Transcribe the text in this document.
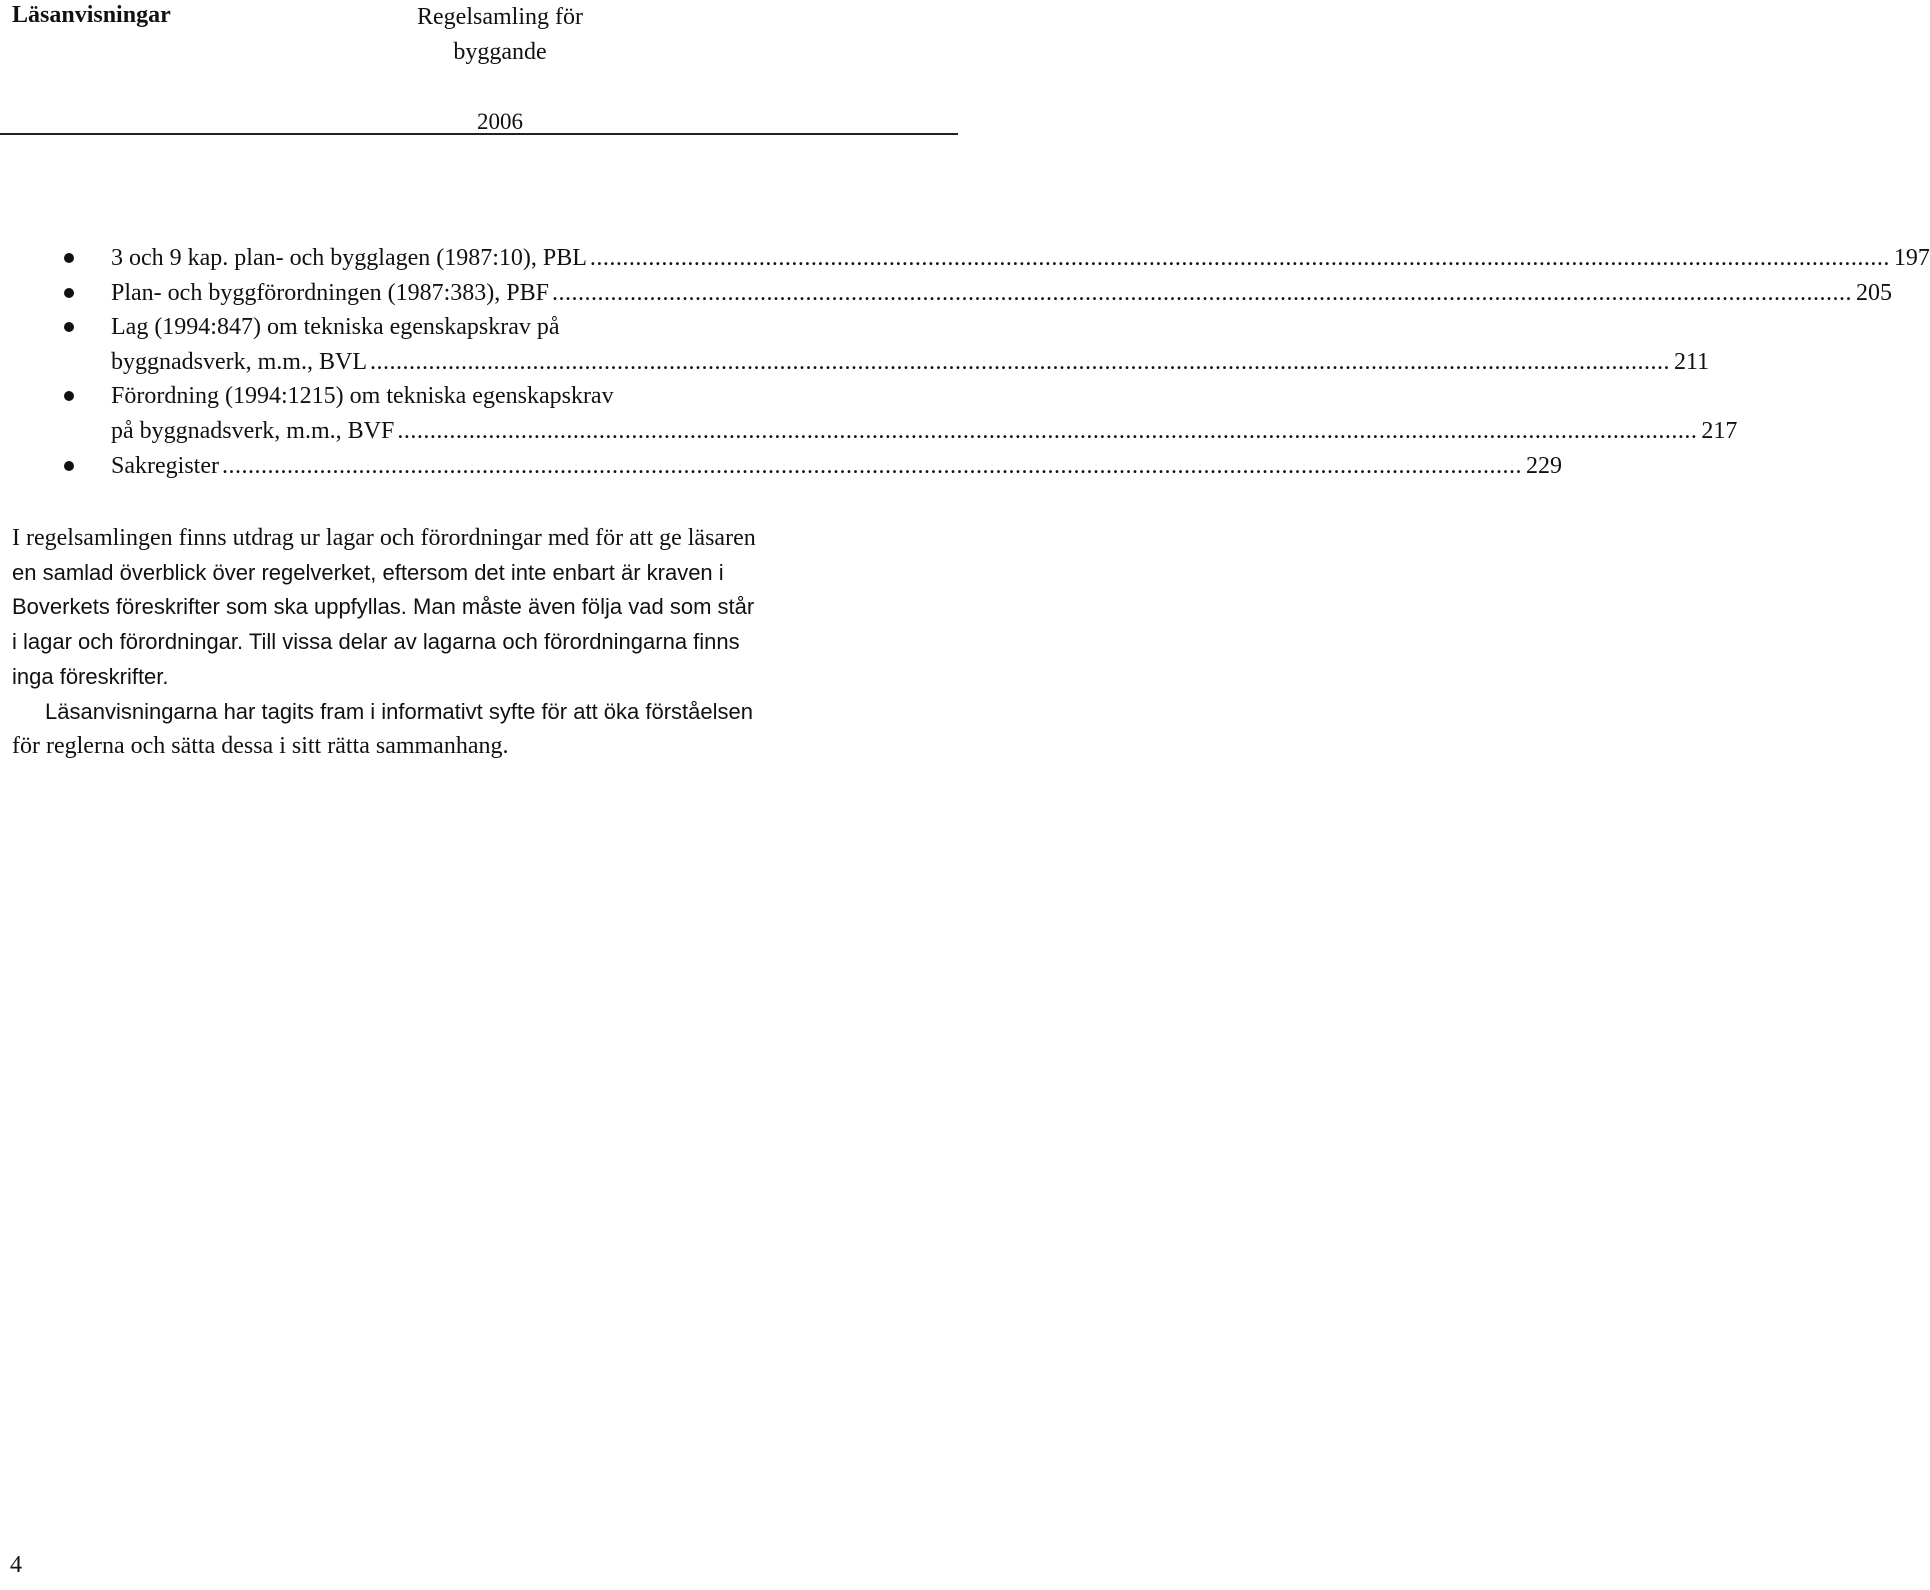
Läsanvisningar	Regelsamling för
byggande
2006
3 och 9 kap. plan- och bygglagen (1987:10), PBL ........................................................................................................................................................................................................ 197
Plan- och byggförordningen (1987:383), PBF ........................................................................................................................................................................................................ 205
Lag (1994:847) om tekniska egenskapskrav på
byggnadsverk, m.m., BVL ........................................................................................................................................................................................................ 211
Förordning (1994:1215) om tekniska egenskapskrav
på byggnadsverk, m.m., BVF ........................................................................................................................................................................................................ 217
Sakregister ........................................................................................................................................................................................................ 229

I regelsamlingen finns utdrag ur lagar och förordningar med för att ge läsaren
en samlad överblick över regelverket, eftersom det inte enbart är kraven i
Boverkets föreskrifter som ska uppfyllas. Man måste även följa vad som står
i lagar och förordningar. Till vissa delar av lagarna och förordningarna finns
inga föreskrifter.

Läsanvisningarna har tagits fram i informativt syfte för att öka förståelsen
för reglerna och sätta dessa i sitt rätta sammanhang.

4
